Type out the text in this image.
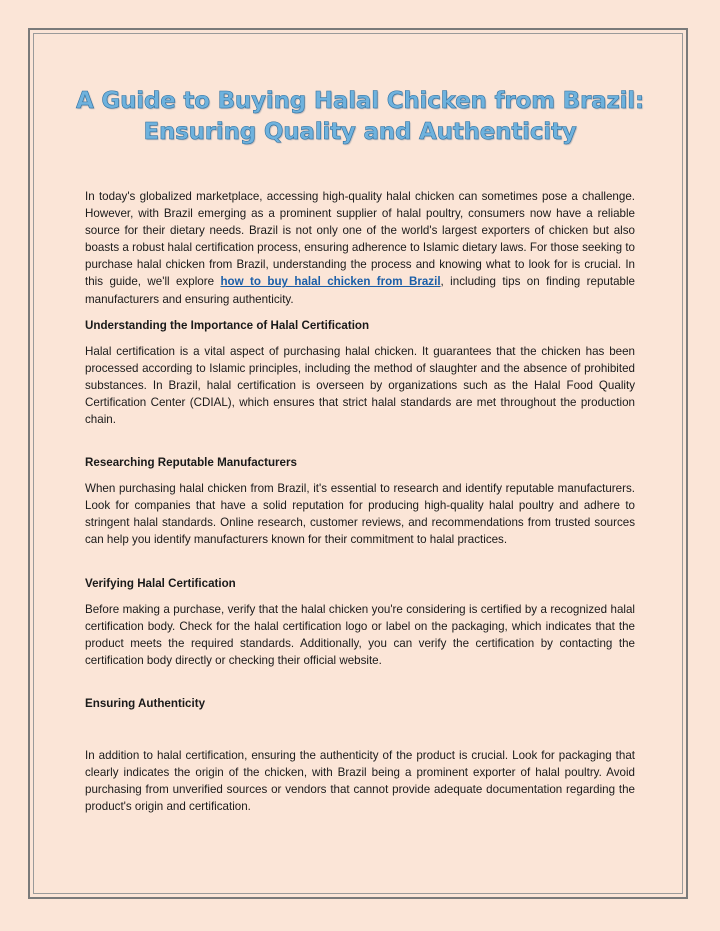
A Guide to Buying Halal Chicken from Brazil:
Ensuring Quality and Authenticity

In today's globalized marketplace, accessing high-quality halal chicken can sometimes pose a challenge. However, with Brazil emerging as a prominent supplier of halal poultry, consumers now have a reliable source for their dietary needs. Brazil is not only one of the world's largest exporters of chicken but also boasts a robust halal certification process, ensuring adherence to Islamic dietary laws. For those seeking to purchase halal chicken from Brazil, understanding the process and knowing what to look for is crucial. In this guide, we'll explore how to buy halal chicken from Brazil, including tips on finding reputable manufacturers and ensuring authenticity.

Understanding the Importance of Halal Certification

Halal certification is a vital aspect of purchasing halal chicken. It guarantees that the chicken has been processed according to Islamic principles, including the method of slaughter and the absence of prohibited substances. In Brazil, halal certification is overseen by organizations such as the Halal Food Quality Certification Center (CDIAL), which ensures that strict halal standards are met throughout the production chain.

Researching Reputable Manufacturers

When purchasing halal chicken from Brazil, it's essential to research and identify reputable manufacturers. Look for companies that have a solid reputation for producing high-quality halal poultry and adhere to stringent halal standards. Online research, customer reviews, and recommendations from trusted sources can help you identify manufacturers known for their commitment to halal practices.

Verifying Halal Certification

Before making a purchase, verify that the halal chicken you're considering is certified by a recognized halal certification body. Check for the halal certification logo or label on the packaging, which indicates that the product meets the required standards. Additionally, you can verify the certification by contacting the certification body directly or checking their official website.

Ensuring Authenticity

In addition to halal certification, ensuring the authenticity of the product is crucial. Look for packaging that clearly indicates the origin of the chicken, with Brazil being a prominent exporter of halal poultry. Avoid purchasing from unverified sources or vendors that cannot provide adequate documentation regarding the product's origin and certification.
